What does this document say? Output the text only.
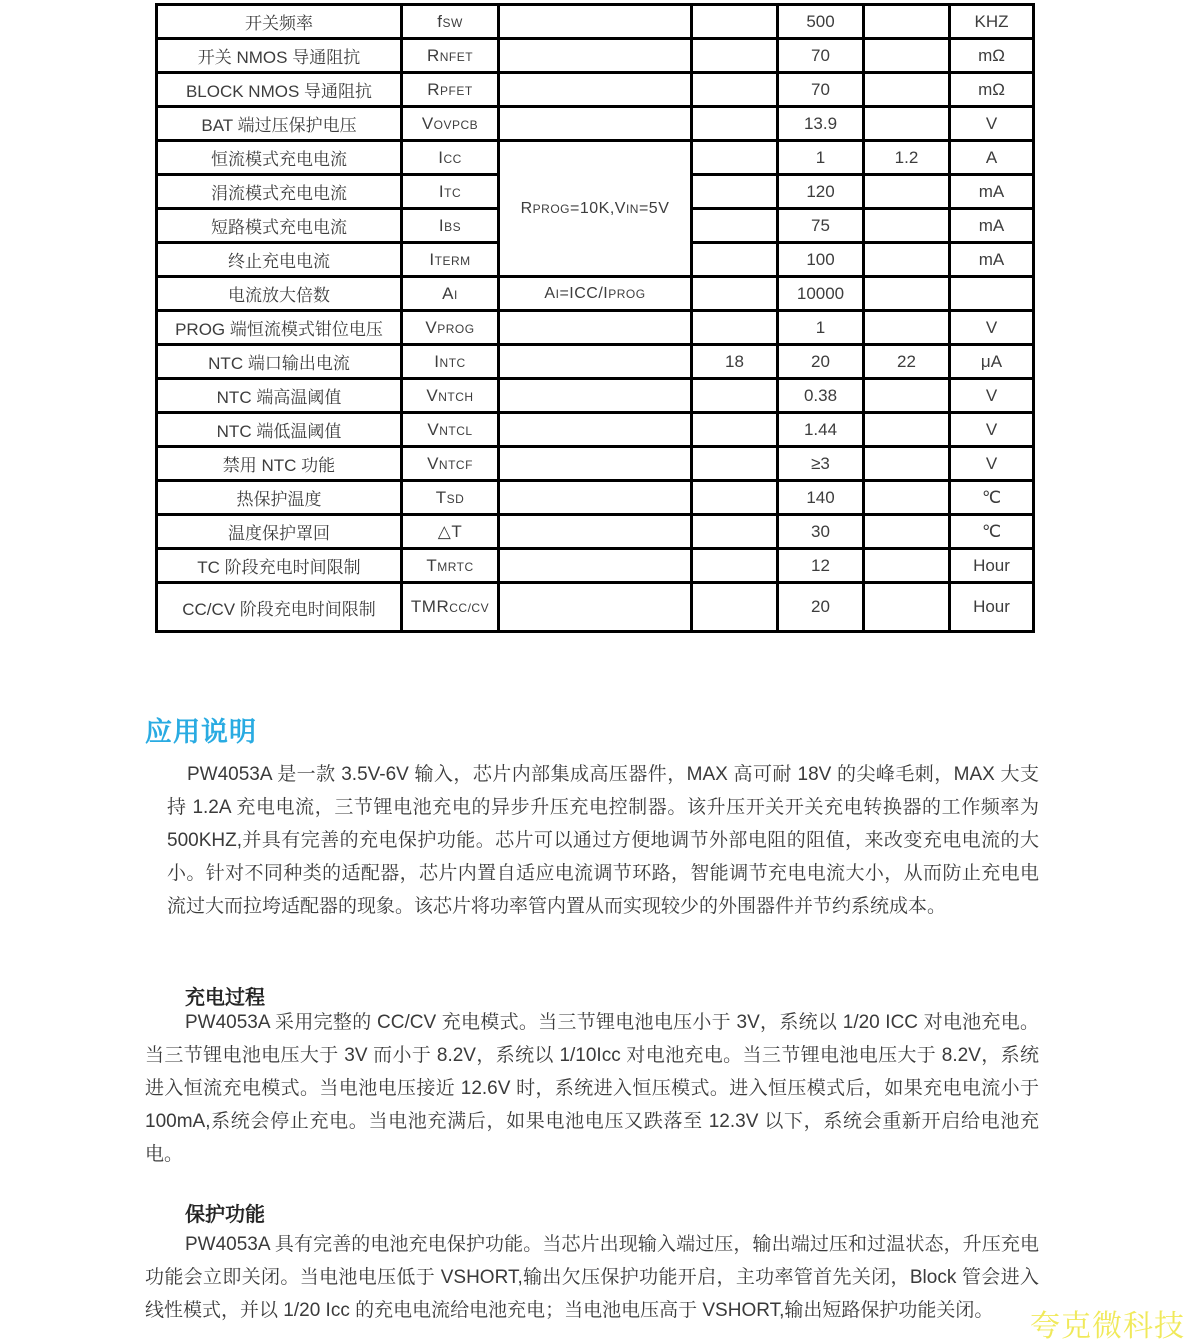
开关频率	fSW			500		KHZ
开关 NMOS 导通阻抗	RNFET			70		mΩ
BLOCK NMOS 导通阻抗	RPFET			70		mΩ
BAT 端过压保护电压	VOVPCB			13.9		V
恒流模式充电电流	ICC	RPROG=10K,VIN=5V		1	1.2	A
涓流模式充电电流	ITC			120		mA
短路模式充电电流	IBS			75		mA
终止充电电流	ITERM			100		mA
电流放大倍数	AI	AI=ICC/IPROG		10000		
PROG 端恒流模式钳位电压	VPROG			1		V
NTC 端口输出电流	INTC		18	20	22	μA
NTC 端高温阈值	VNTCH			0.38		V
NTC 端低温阈值	VNTCL			1.44		V
禁用 NTC 功能	VNTCF			≥3		V
热保护温度	TSD			140		℃
温度保护罩回	△T			30		℃
TC 阶段充电时间限制	TMRTC			12		Hour
CC/CV 阶段充电时间限制	TMRCC/CV			20		Hour
应用说明

PW4053A 是一款 3.5V-6V 输入，芯片内部集成高压器件，MAX 高可耐 18V 的尖峰毛刺，MAX 大支持 1.2A 充电电流，三节锂电池充电的异步升压充电控制器。该升压开关开关充电转换器的工作频率为 500KHZ,并具有完善的充电保护功能。芯片可以通过方便地调节外部电阻的阻值，来改变充电电流的大小。针对不同种类的适配器，芯片内置自适应电流调节环路，智能调节充电电流大小，从而防止充电电流过大而拉垮适配器的现象。该芯片将功率管内置从而实现较少的外围器件并节约系统成本。

充电过程

PW4053A 采用完整的 CC/CV 充电模式。当三节锂电池电压小于 3V，系统以 1/20 ICC 对电池充电。当三节锂电池电压大于 3V 而小于 8.2V，系统以 1/10Icc 对电池充电。当三节锂电池电压大于 8.2V，系统进入恒流充电模式。当电池电压接近 12.6V 时，系统进入恒压模式。进入恒压模式后，如果充电电流小于 100mA,系统会停止充电。当电池充满后，如果电池电压又跌落至 12.3V 以下，系统会重新开启给电池充电。

保护功能

PW4053A 具有完善的电池充电保护功能。当芯片出现输入端过压，输出端过压和过温状态，升压充电功能会立即关闭。当电池电压低于 VSHORT,输出欠压保护功能开启，主功率管首先关闭，Block 管会进入线性模式，并以 1/20 Icc 的充电电流给电池充电；当电池电压高于 VSHORT,输出短路保护功能关闭。	夸克微科技
